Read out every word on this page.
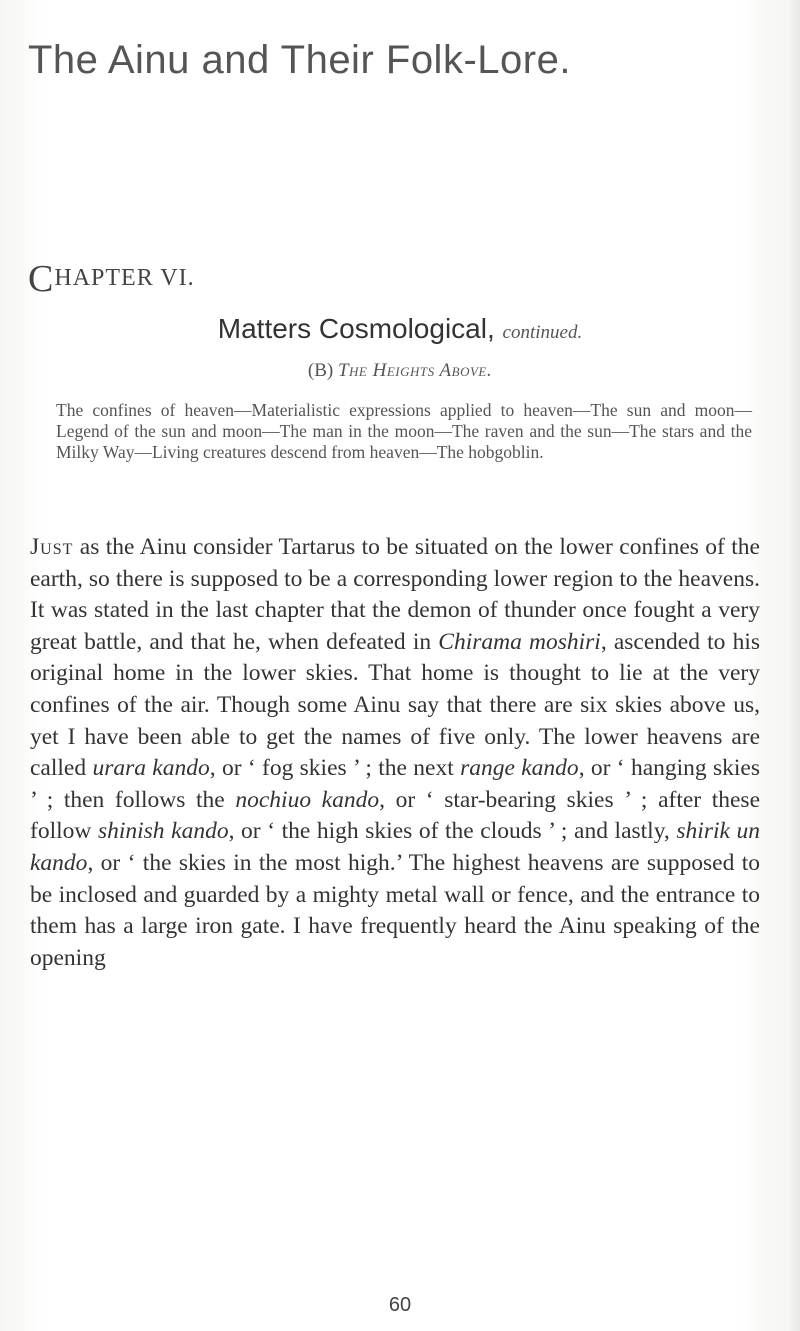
The Ainu and Their Folk-Lore.
CHAPTER VI.
Matters Cosmological, continued.
(B) The Heights Above.

The confines of heaven—Materialistic expressions applied to heaven—The sun and moon—Legend of the sun and moon—The man in the moon—The raven and the sun—The stars and the Milky Way—Living creatures descend from heaven—The hobgoblin.

Just as the Ainu consider Tartarus to be situated on the lower confines of the earth, so there is supposed to be a corresponding lower region to the heavens. It was stated in the last chapter that the demon of thunder once fought a very great battle, and that he, when defeated in Chirama moshiri, ascended to his original home in the lower skies. That home is thought to lie at the very confines of the air. Though some Ainu say that there are six skies above us, yet I have been able to get the names of five only. The lower heavens are called urara kando, or ‘ fog skies ’ ; the next range kando, or ‘ hanging skies ’ ; then follows the nochiuo kando, or ‘ star-bearing skies ’ ; after these follow shinish kando, or ‘ the high skies of the clouds ’ ; and lastly, shirik un kando, or ‘ the skies in the most high.’ The highest heavens are supposed to be inclosed and guarded by a mighty metal wall or fence, and the entrance to them has a large iron gate. I have frequently heard the Ainu speaking of the opening

60
